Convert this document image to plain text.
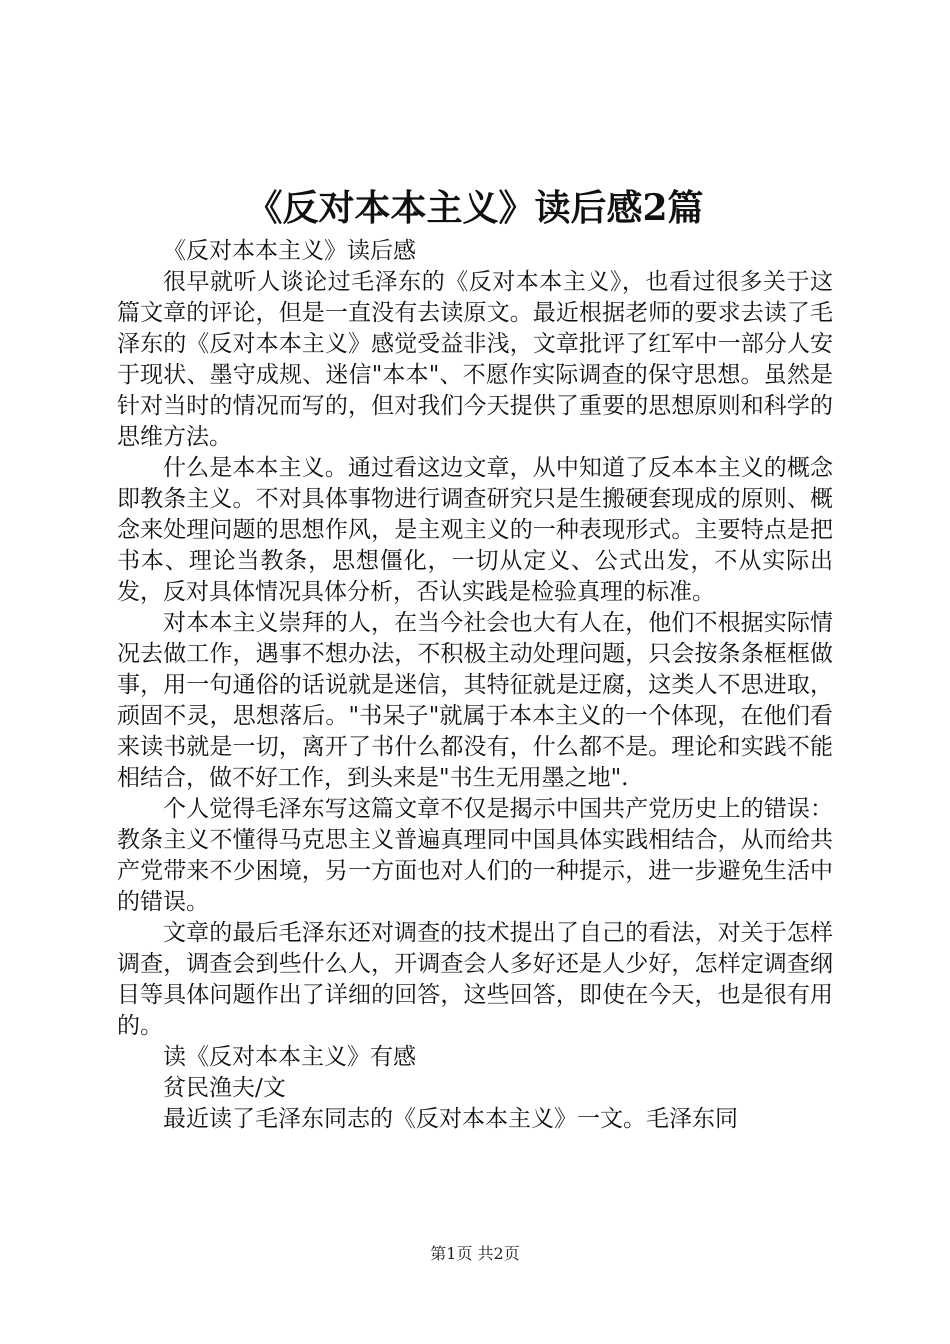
《反对本本主义》读后感2篇

《反对本本主义》读后感

很早就听人谈论过毛泽东的《反对本本主义》，也看过很多关于这篇文章的评论，但是一直没有去读原文。最近根据老师的要求去读了毛泽东的《反对本本主义》感觉受益非浅，文章批评了红军中一部分人安于现状、墨守成规、迷信"本本"、不愿作实际调查的保守思想。虽然是针对当时的情况而写的，但对我们今天提供了重要的思想原则和科学的思维方法。

什么是本本主义。通过看这边文章，从中知道了反本本主义的概念即教条主义。不对具体事物进行调查研究只是生搬硬套现成的原则、概念来处理问题的思想作风，是主观主义的一种表现形式。主要特点是把书本、理论当教条，思想僵化，一切从定义、公式出发，不从实际出发，反对具体情况具体分析，否认实践是检验真理的标准。

对本本主义崇拜的人，在当今社会也大有人在，他们不根据实际情况去做工作，遇事不想办法，不积极主动处理问题，只会按条条框框做事，用一句通俗的话说就是迷信，其特征就是迂腐，这类人不思进取，顽固不灵，思想落后。"书呆子"就属于本本主义的一个体现，在他们看来读书就是一切，离开了书什么都没有，什么都不是。理论和实践不能相结合，做不好工作，到头来是"书生无用墨之地".

个人觉得毛泽东写这篇文章不仅是揭示中国共产党历史上的错误：教条主义不懂得马克思主义普遍真理同中国具体实践相结合，从而给共产党带来不少困境，另一方面也对人们的一种提示，进一步避免生活中的错误。

文章的最后毛泽东还对调查的技术提出了自己的看法，对关于怎样调查，调查会到些什么人，开调查会人多好还是人少好，怎样定调查纲目等具体问题作出了详细的回答，这些回答，即使在今天，也是很有用的。

读《反对本本主义》有感

贫民渔夫/文

最近读了毛泽东同志的《反对本本主义》一文。毛泽东同

第1页 共2页
